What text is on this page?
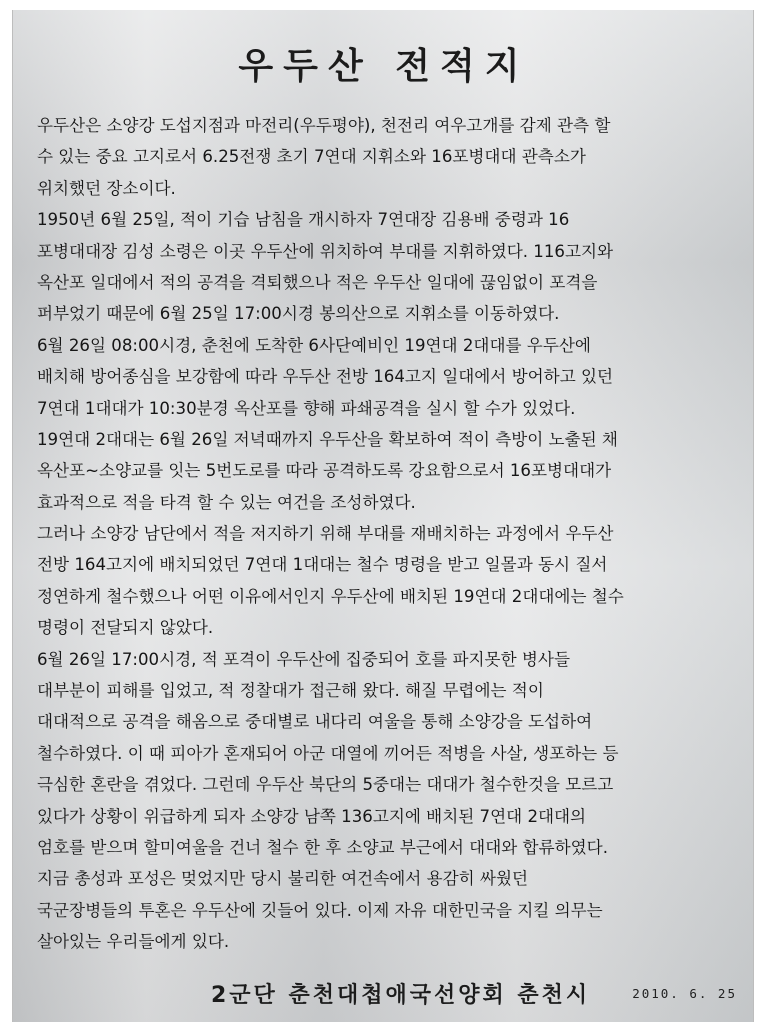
우두산 전적지
우두산은 소양강 도섭지점과 마전리(우두평야), 천전리 여우고개를 감제 관측 할
수 있는 중요 고지로서 6.25전쟁 초기 7연대 지휘소와 16포병대대 관측소가
위치했던 장소이다.
1950년 6월 25일, 적이 기습 남침을 개시하자 7연대장 김용배 중령과 16
포병대대장 김성 소령은 이곳 우두산에 위치하여 부대를 지휘하였다. 116고지와
옥산포 일대에서 적의 공격을 격퇴했으나 적은 우두산 일대에 끊임없이 포격을
퍼부었기 때문에 6월 25일 17:00시경 봉의산으로 지휘소를 이동하였다.
6월 26일 08:00시경, 춘천에 도착한 6사단예비인 19연대 2대대를 우두산에
배치해 방어종심을 보강함에 따라 우두산 전방 164고지 일대에서 방어하고 있던
7연대 1대대가 10:30분경 옥산포를 향해 파쇄공격을 실시 할 수가 있었다.
19연대 2대대는 6월 26일 저녁때까지 우두산을 확보하여 적이 측방이 노출된 채
옥산포~소양교를 잇는 5번도로를 따라 공격하도록 강요함으로서 16포병대대가
효과적으로 적을 타격 할 수 있는 여건을 조성하였다.
그러나 소양강 남단에서 적을 저지하기 위해 부대를 재배치하는 과정에서 우두산
전방 164고지에 배치되었던 7연대 1대대는 철수 명령을 받고 일몰과 동시 질서
정연하게 철수했으나 어떤 이유에서인지 우두산에 배치된 19연대 2대대에는 철수
명령이 전달되지 않았다.
6월 26일 17:00시경, 적 포격이 우두산에 집중되어 호를 파지못한 병사들
대부분이 피해를 입었고, 적 정찰대가 접근해 왔다. 해질 무렵에는 적이
대대적으로 공격을 해옴으로 중대별로 내다리 여울을 통해 소양강을 도섭하여
철수하였다. 이 때 피아가 혼재되어 아군 대열에 끼어든 적병을 사살, 생포하는 등
극심한 혼란을 겪었다. 그런데 우두산 북단의 5중대는 대대가 철수한것을 모르고
있다가 상황이 위급하게 되자 소양강 남쪽 136고지에 배치된 7연대 2대대의
엄호를 받으며 할미여울을 건너 철수 한 후 소양교 부근에서 대대와 합류하였다.
지금 총성과 포성은 멎었지만 당시 불리한 여건속에서 용감히 싸웠던
국군장병들의 투혼은 우두산에 깃들어 있다. 이제 자유 대한민국을 지킬 의무는
살아있는 우리들에게 있다.
2군단 춘천대첩애국선양회 춘천시	2010. 6. 25
